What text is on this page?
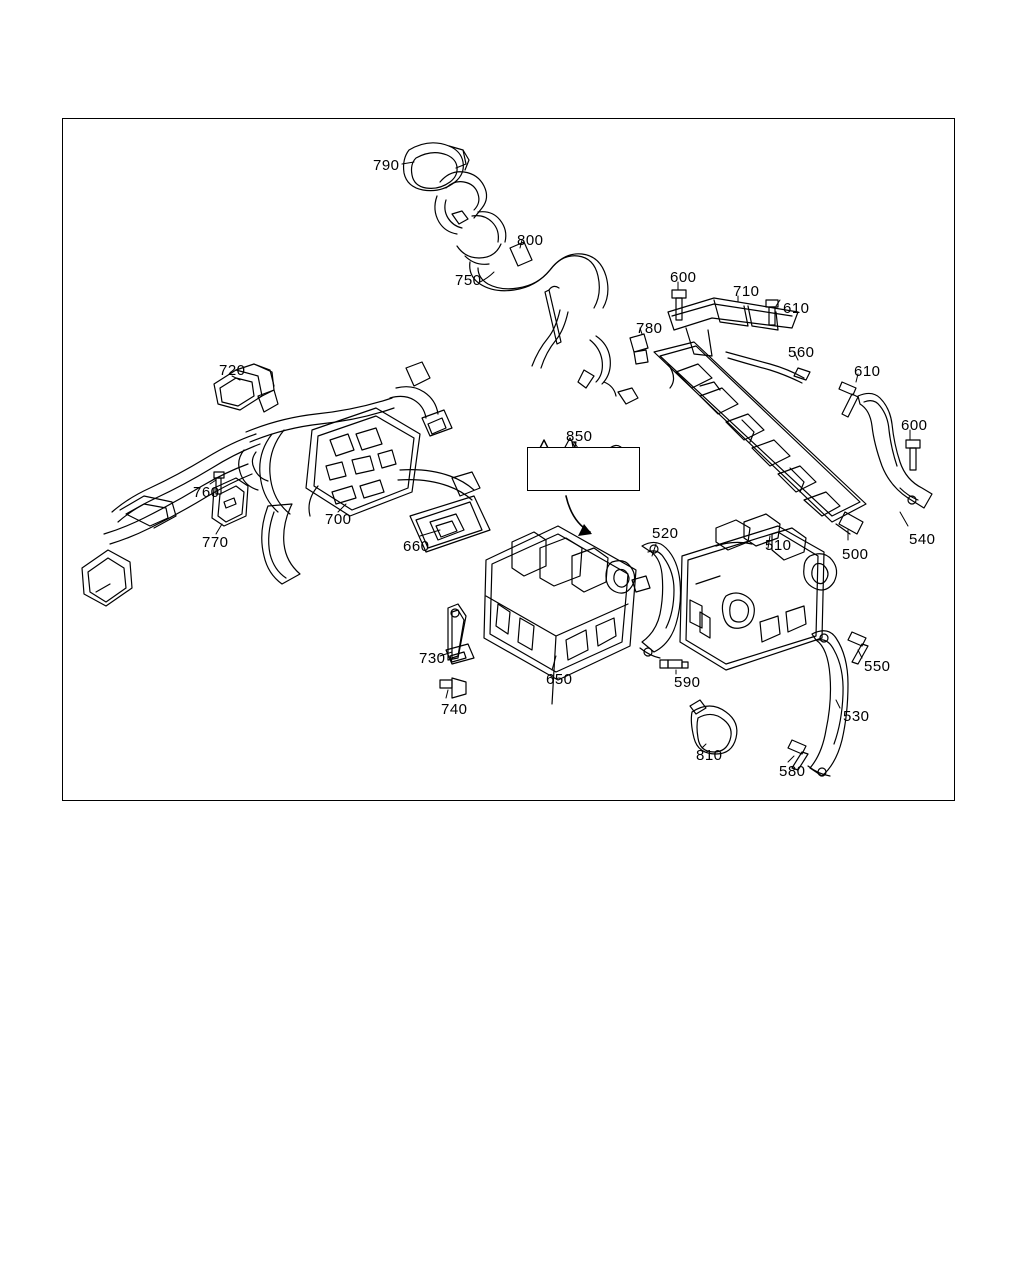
790
800
750
780
600
710
610
560
610
600
720
760
770
700
660
850
520
510
500
540
730
740
650	590
550
530
810
580
